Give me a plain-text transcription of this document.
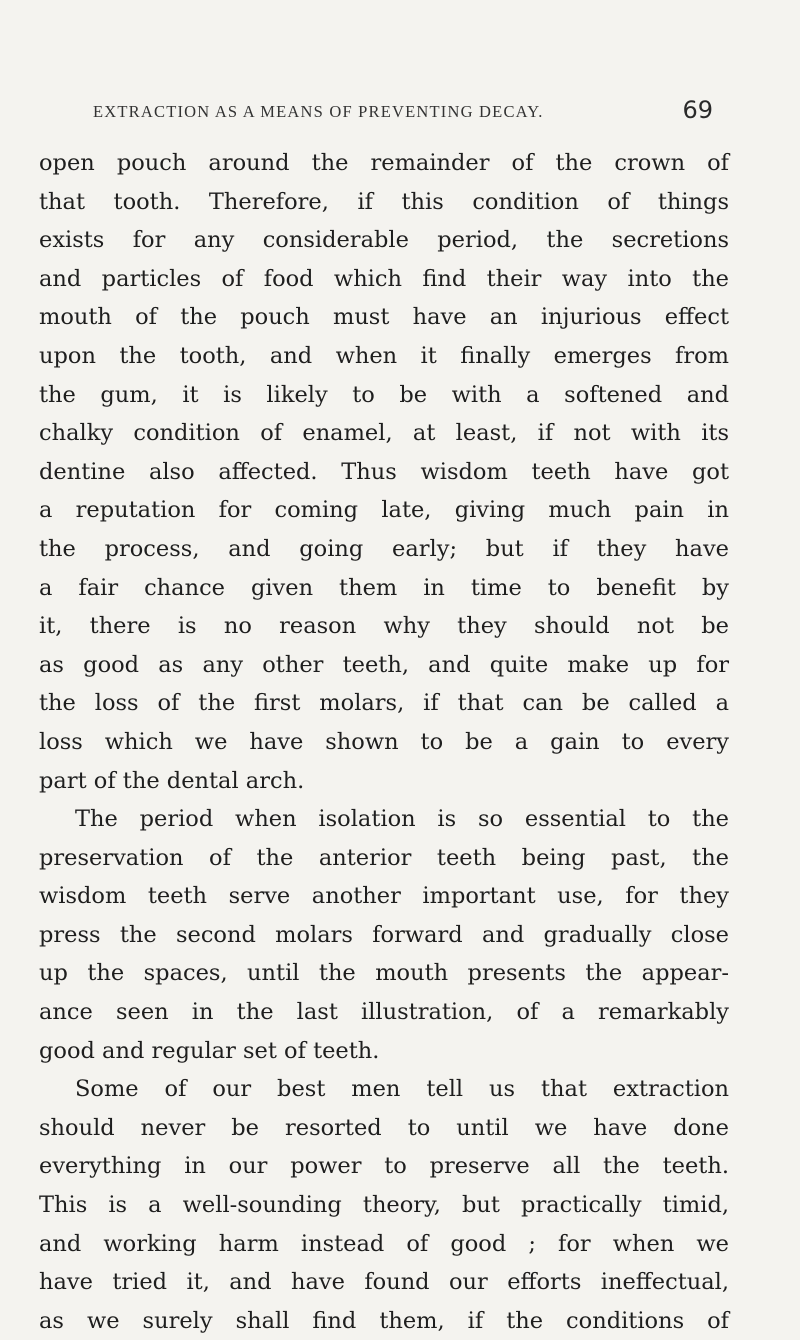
EXTRACTION AS A MEANS OF PREVENTING DECAY.	69
open pouch around the remainder of the crown of
that tooth. Therefore, if this condition of things
exists for any considerable period, the secretions
and particles of food which find their way into the
mouth of the pouch must have an injurious effect
upon the tooth, and when it finally emerges from
the gum, it is likely to be with a softened and
chalky condition of enamel, at least, if not with its
dentine also affected. Thus wisdom teeth have got
a reputation for coming late, giving much pain in
the process, and going early; but if they have
a fair chance given them in time to benefit by
it, there is no reason why they should not be
as good as any other teeth, and quite make up for
the loss of the first molars, if that can be called a
loss which we have shown to be a gain to every
part of the dental arch.
The period when isolation is so essential to the
preservation of the anterior teeth being past, the
wisdom teeth serve another important use, for they
press the second molars forward and gradually close
up the spaces, until the mouth presents the appear-
ance seen in the last illustration, of a remarkably
good and regular set of teeth.
Some of our best men tell us that extraction
should never be resorted to until we have done
everything in our power to preserve all the teeth.
This is a well-sounding theory, but practically timid,
and working harm instead of good ; for when we
have tried it, and have found our efforts ineffectual,
as we surely shall find them, if the conditions of
